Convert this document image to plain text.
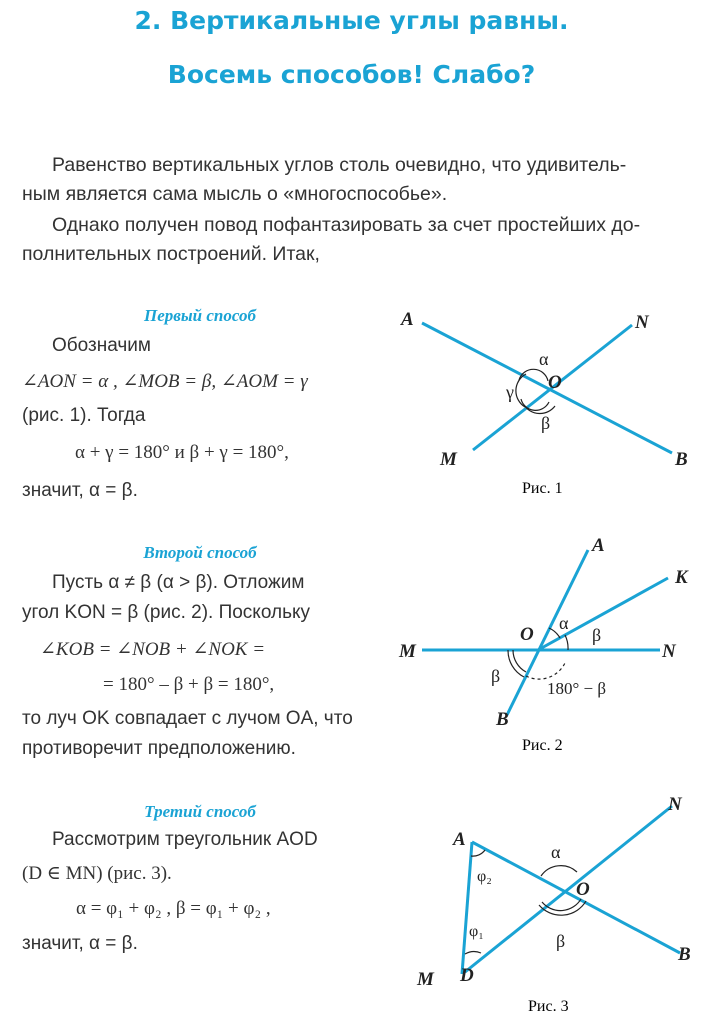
2. Вертикальные углы равны.
Восемь способов! Слабо?
Равенство вертикальных углов столь очевидно, что удивитель-
ным является сама мысль о «многоспособье».
Однако получен повод пофантазировать за счет простейших до-
полнительных построений. Итак,
Первый способ
Обозначим
∠AON = α , ∠MOB = β, ∠AOM = γ
(рис. 1). Тогда
α + γ = 180° и β + γ = 180°,
значит, α = β.
A	N
M	B
O
α
β
γ
Рис. 1
Второй способ
Пусть α ≠ β (α > β). Отложим
угол KON = β (рис. 2). Поскольку
∠KOB = ∠NOB + ∠NOK =
= 180° – β + β = 180°,
то луч OK совпадает с лучом OA, что
противоречит предположению.
A
K
M	N
B
O
α
β
β
180° − β
Рис. 2
Третий способ
Рассмотрим треугольник AOD
(D ∈ MN) (рис. 3).
α = φ₁ + φ₂ , β = φ₁ + φ₂ ,
значит, α = β.
A
N
O
M D
B
α
β
φ₂
φ₁
Рис. 3
